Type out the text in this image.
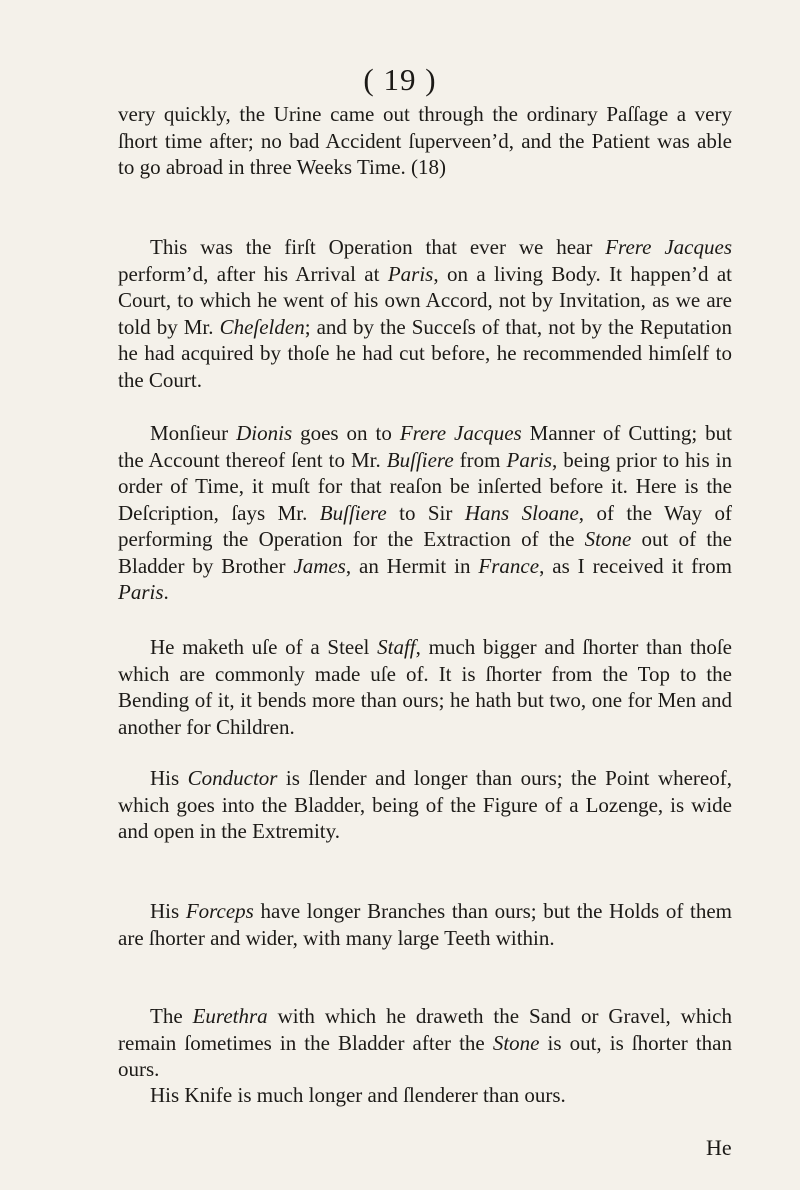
( 19 )

very quickly, the Urine came out through the ordinary Paſſage a very ſhort time after; no bad Accident ſuperveen’d, and the Patient was able to go abroad in three Weeks Time. (18)

This was the firſt Operation that ever we hear Frere Jacques perform’d, after his Arrival at Paris, on a living Body. It happen’d at Court, to which he went of his own Accord, not by Invitation, as we are told by Mr. Cheſelden; and by the Succeſs of that, not by the Reputation he had acquired by thoſe he had cut before, he recommended himſelf to the Court.

Monſieur Dionis goes on to Frere Jacques Manner of Cutting; but the Account thereof ſent to Mr. Buſſiere from Paris, being prior to his in order of Time, it muſt for that reaſon be inſerted before it. Here is the Deſcription, ſays Mr. Buſſiere to Sir Hans Sloane, of the Way of performing the Operation for the Extraction of the Stone out of the Bladder by Brother James, an Hermit in France, as I received it from Paris.

He maketh uſe of a Steel Staff, much bigger and ſhorter than thoſe which are commonly made uſe of. It is ſhorter from the Top to the Bending of it, it bends more than ours; he hath but two, one for Men and another for Children.

His Conductor is ſlender and longer than ours; the Point whereof, which goes into the Bladder, being of the Figure of a Lozenge, is wide and open in the Extremity.

His Forceps have longer Branches than ours; but the Holds of them are ſhorter and wider, with many large Teeth within.

The Eurethra with which he draweth the Sand or Gravel, which remain ſometimes in the Bladder after the Stone is out, is ſhorter than ours.

His Knife is much longer and ſlenderer than ours.

He
